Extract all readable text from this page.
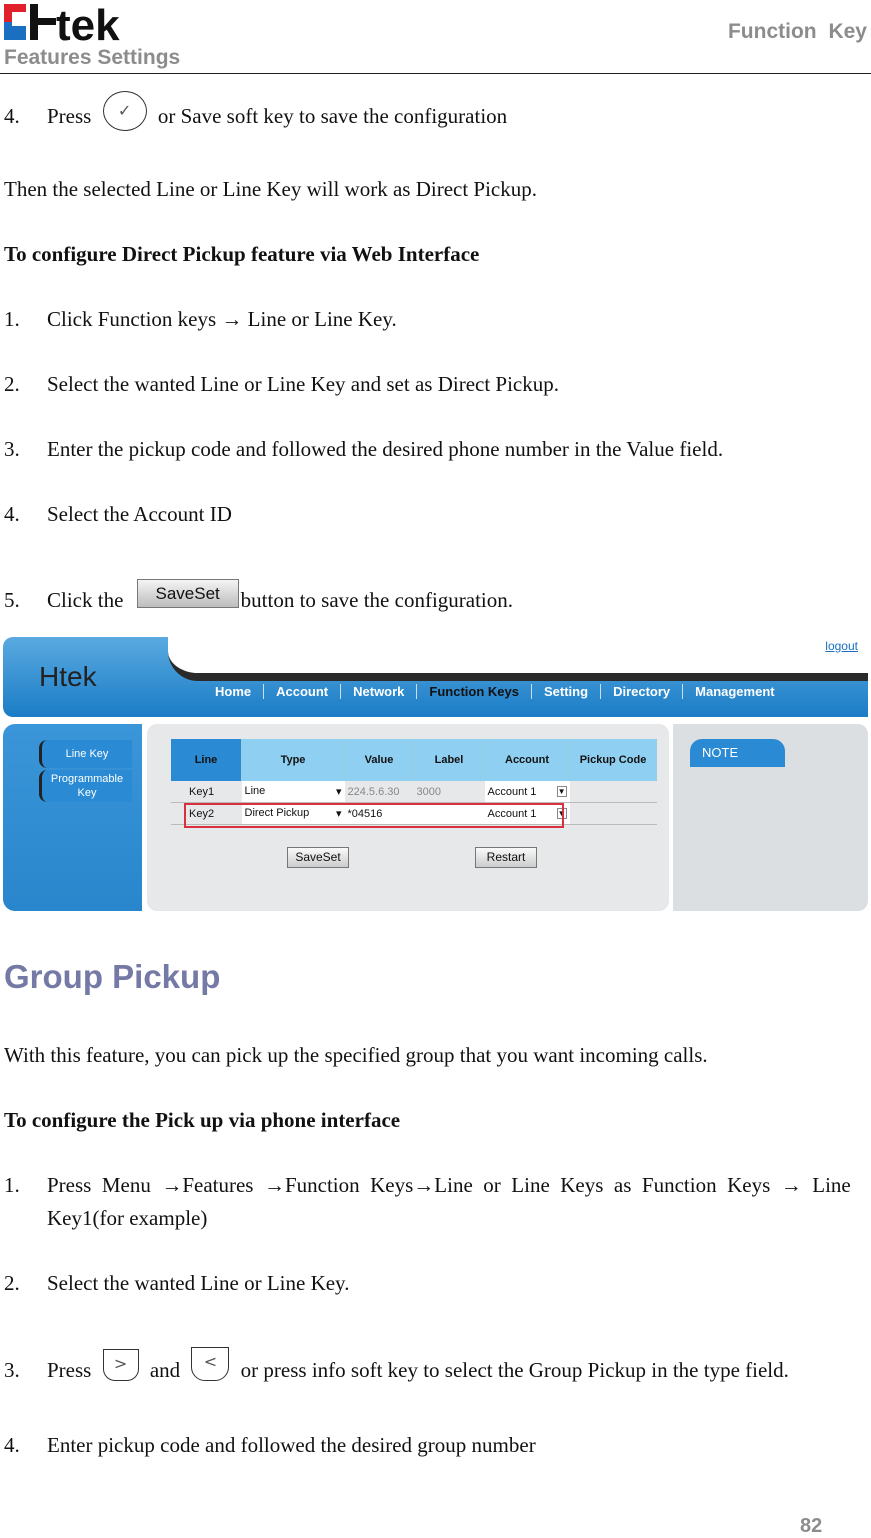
tek
Features Settings
Function Key
4. Press ✓ or Save soft key to save the configuration
Then the selected Line or Line Key will work as Direct Pickup.
To configure Direct Pickup feature via Web Interface
1. Click Function keys → Line or Line Key.
2. Select the wanted Line or Line Key and set as Direct Pickup.
3. Enter the pickup code and followed the desired phone number in the Value field.
4. Select the Account ID
5. Click the SaveSet button to save the configuration.
logout
Htek	Home	Account	Network	Function Keys	Setting	Directory	Management
Line Key
Programmable Key
Line	Type	Value	Label	Account	Pickup Code
Key1	Line ▾	224.5.6.30	3000	Account 1 ▼	

Key2	Direct Pickup ▾	*04516		Account 1 ▼	

SaveSet	Restart
NOTE
Group Pickup
With this feature, you can pick up the specified group that you want incoming calls.
To configure the Pick up via phone interface
1. Press  Menu  →Features  →Function  Keys→Line  or  Line  Keys  as  Function  Keys  →  Line
Key1(for example)
2. Select the wanted Line or Line Key.
3. Press > and < or press info soft key to select the Group Pickup in the type field.
4. Enter pickup code and followed the desired group number
82
